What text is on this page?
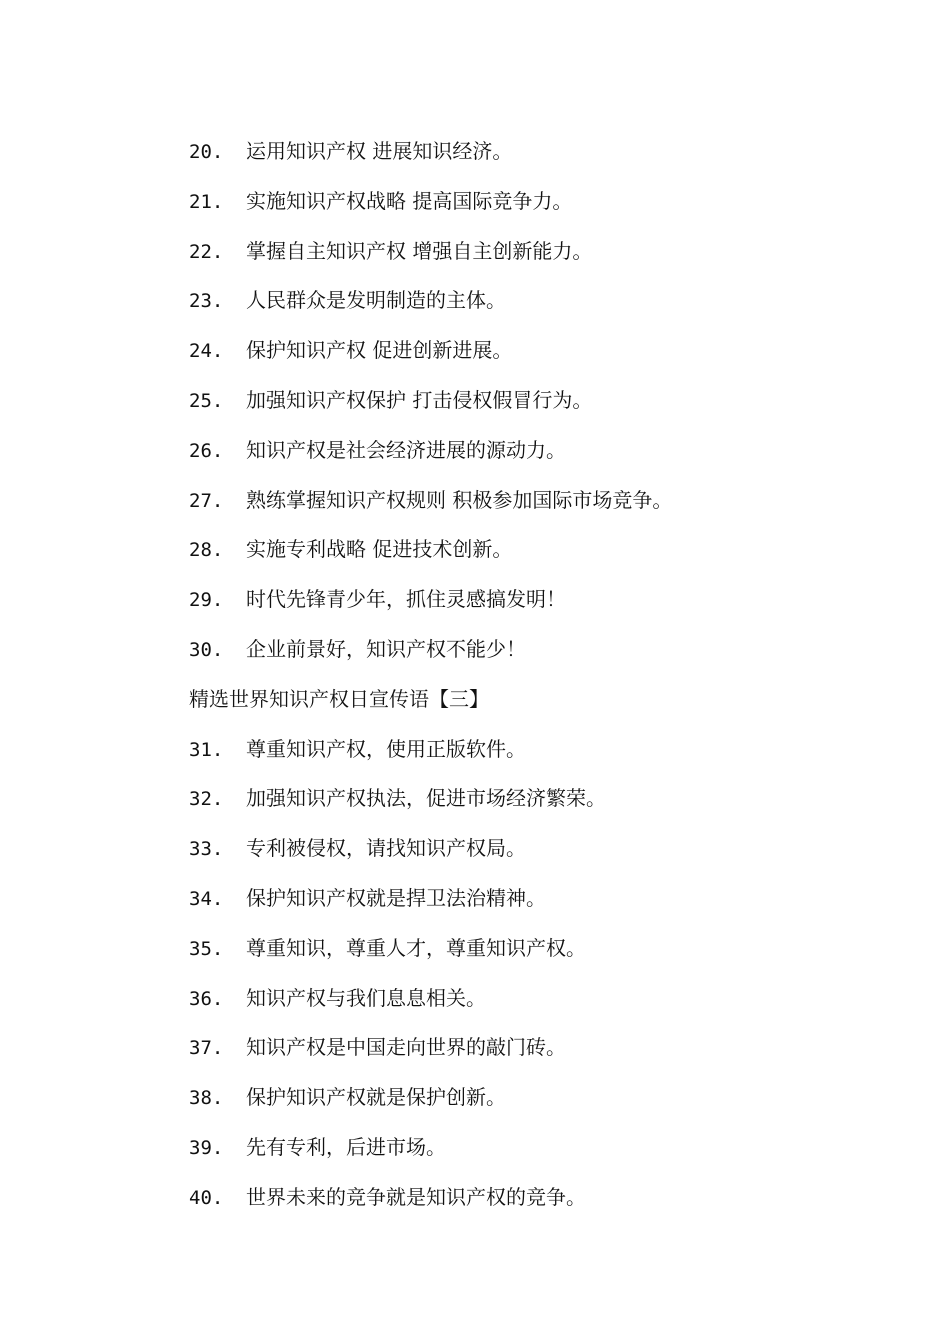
20. 运用知识产权 进展知识经济。
21. 实施知识产权战略 提高国际竞争力。
22. 掌握自主知识产权 增强自主创新能力。
23. 人民群众是发明制造的主体。
24. 保护知识产权 促进创新进展。
25. 加强知识产权保护 打击侵权假冒行为。
26. 知识产权是社会经济进展的源动力。
27. 熟练掌握知识产权规则 积极参加国际市场竞争。
28. 实施专利战略 促进技术创新。
29. 时代先锋青少年，抓住灵感搞发明！
30. 企业前景好，知识产权不能少！
精选世界知识产权日宣传语【三】
31. 尊重知识产权，使用正版软件。
32. 加强知识产权执法，促进市场经济繁荣。
33. 专利被侵权，请找知识产权局。
34. 保护知识产权就是捍卫法治精神。
35. 尊重知识，尊重人才，尊重知识产权。
36. 知识产权与我们息息相关。
37. 知识产权是中国走向世界的敲门砖。
38. 保护知识产权就是保护创新。
39. 先有专利，后进市场。
40. 世界未来的竞争就是知识产权的竞争。
